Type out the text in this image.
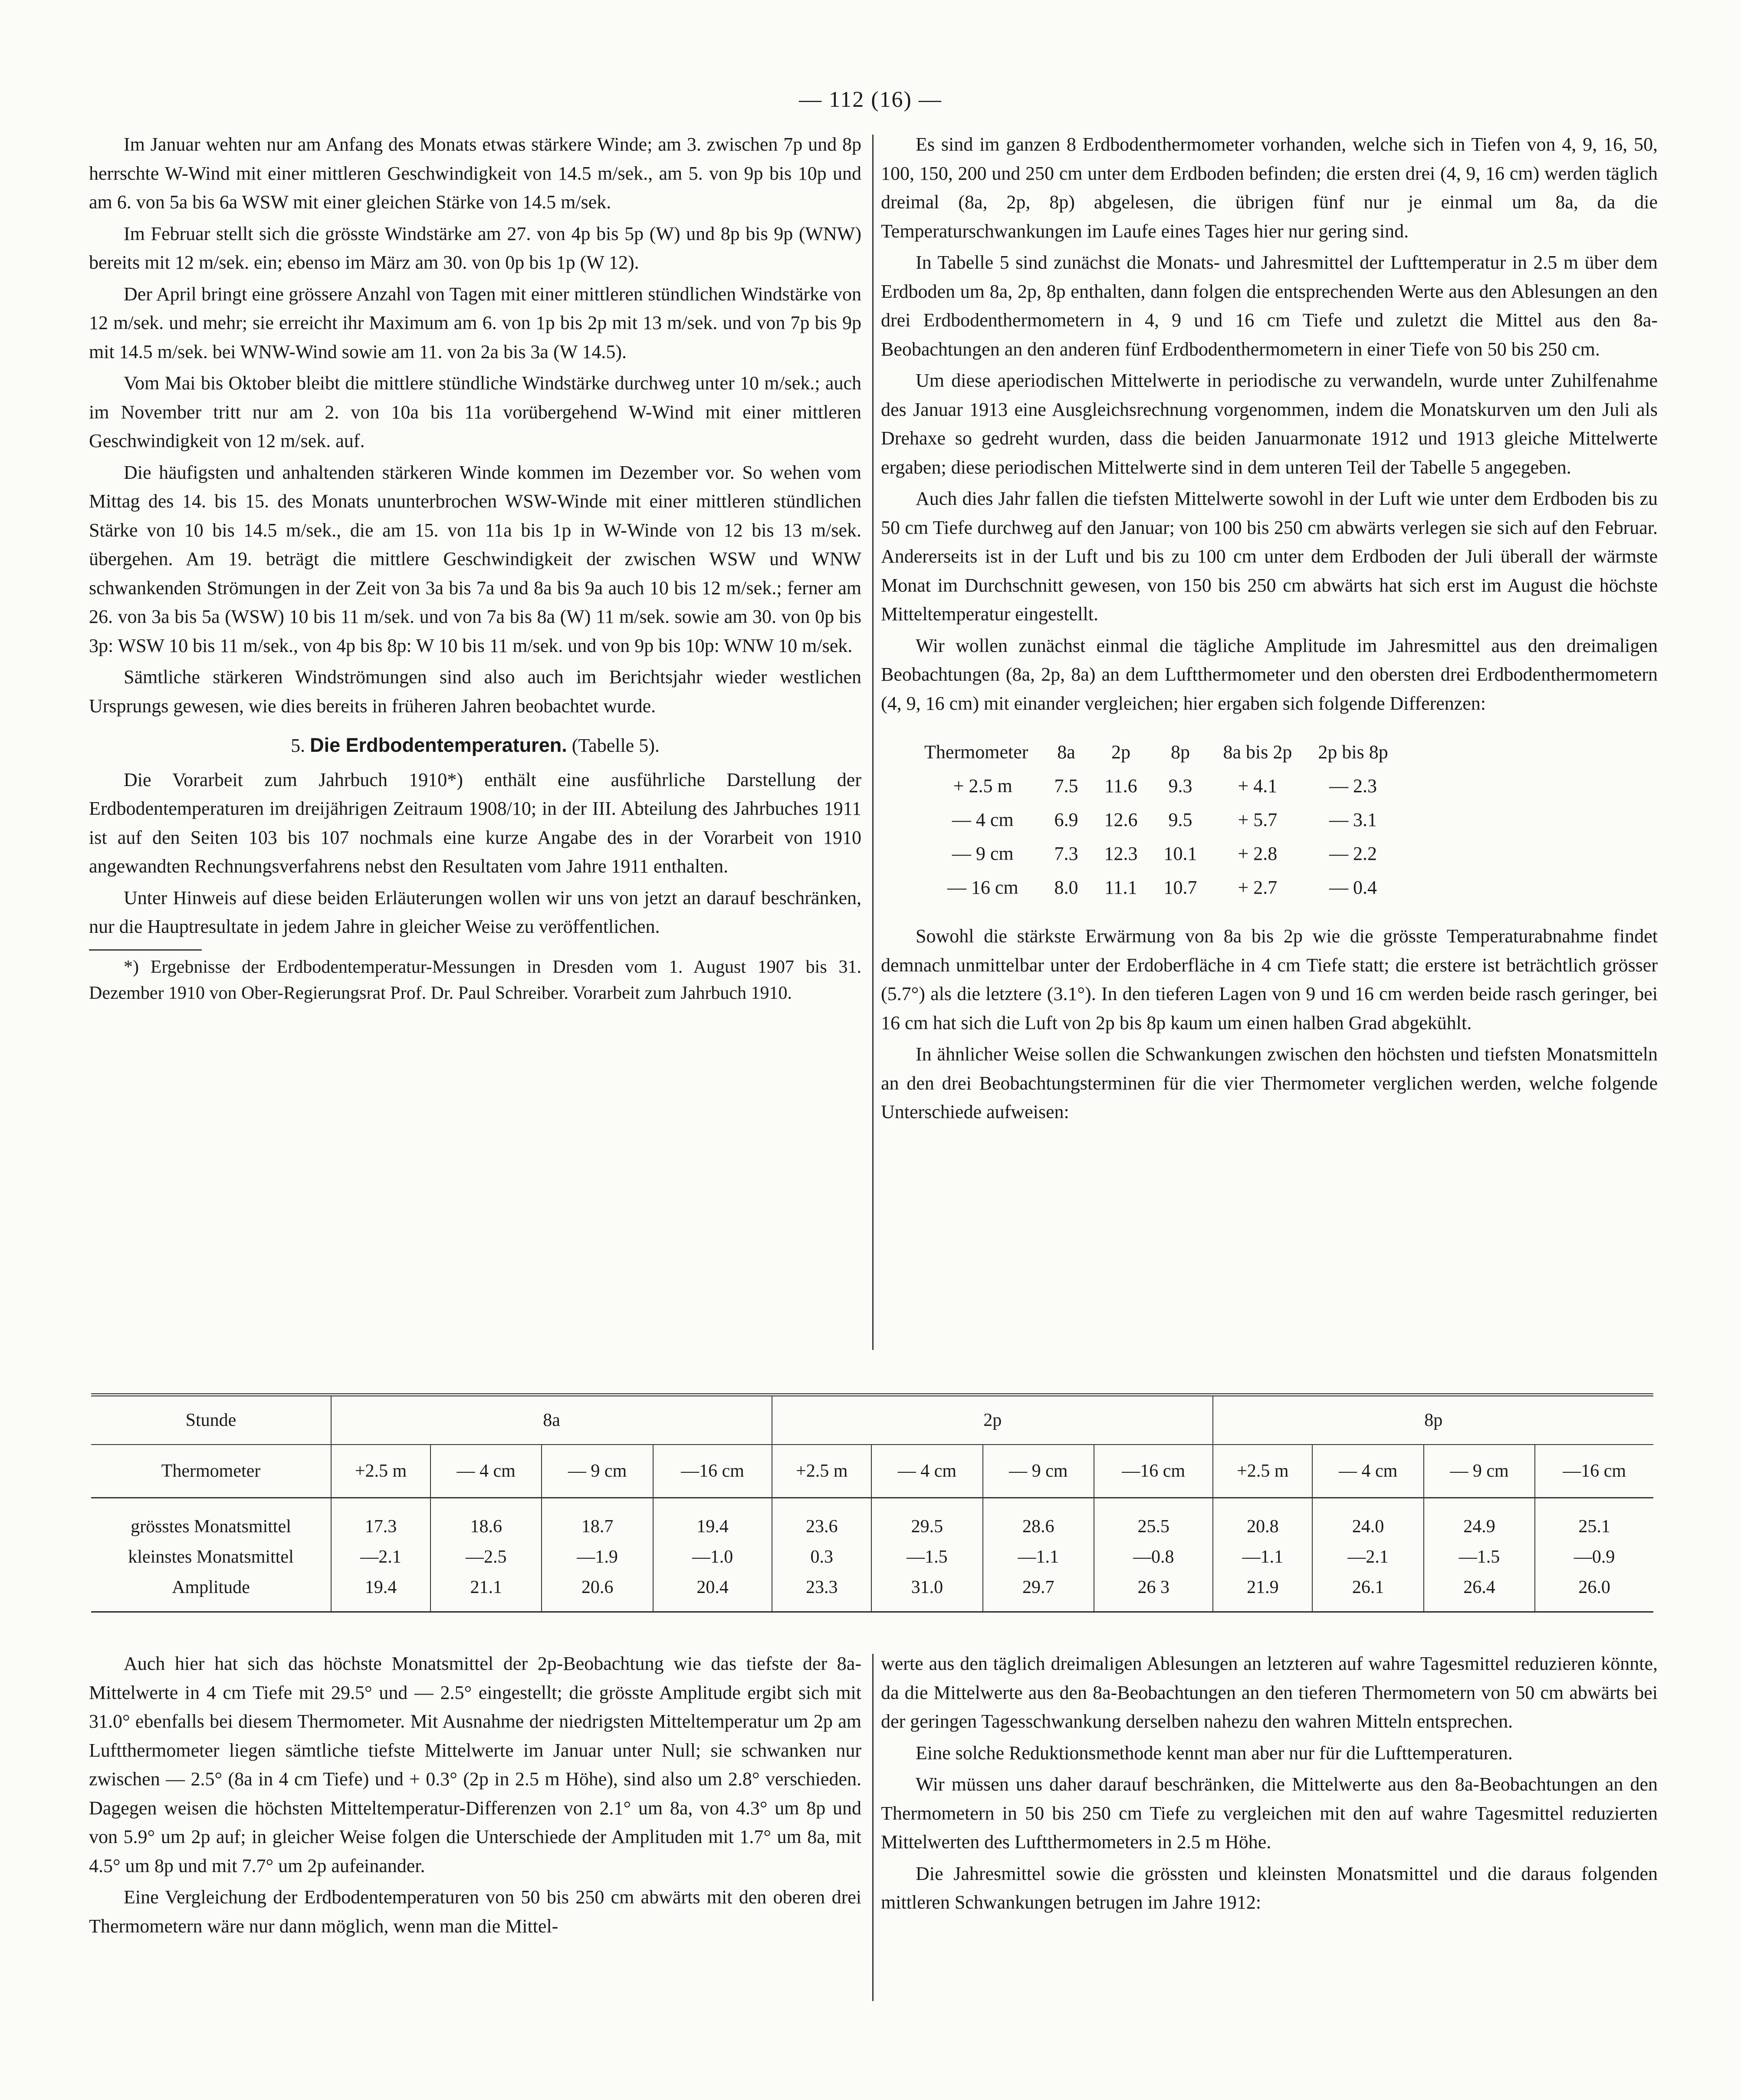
— 112 (16) —

Im Januar wehten nur am Anfang des Monats etwas stärkere Winde; am 3. zwischen 7p und 8p herrschte W-Wind mit einer mittleren Geschwindigkeit von 14.5 m/sek., am 5. von 9p bis 10p und am 6. von 5a bis 6a WSW mit einer gleichen Stärke von 14.5 m/sek.

Im Februar stellt sich die grösste Windstärke am 27. von 4p bis 5p (W) und 8p bis 9p (WNW) bereits mit 12 m/sek. ein; ebenso im März am 30. von 0p bis 1p (W 12).

Der April bringt eine grössere Anzahl von Tagen mit einer mittleren stündlichen Windstärke von 12 m/sek. und mehr; sie erreicht ihr Maximum am 6. von 1p bis 2p mit 13 m/sek. und von 7p bis 9p mit 14.5 m/sek. bei WNW-Wind sowie am 11. von 2a bis 3a (W 14.5).

Vom Mai bis Oktober bleibt die mittlere stündliche Windstärke durchweg unter 10 m/sek.; auch im November tritt nur am 2. von 10a bis 11a vorübergehend W-Wind mit einer mittleren Geschwindigkeit von 12 m/sek. auf.

Die häufigsten und anhaltenden stärkeren Winde kommen im Dezember vor. So wehen vom Mittag des 14. bis 15. des Monats ununterbrochen WSW-Winde mit einer mittleren stündlichen Stärke von 10 bis 14.5 m/sek., die am 15. von 11a bis 1p in W-Winde von 12 bis 13 m/sek. übergehen. Am 19. beträgt die mittlere Geschwindigkeit der zwischen WSW und WNW schwankenden Strömungen in der Zeit von 3a bis 7a und 8a bis 9a auch 10 bis 12 m/sek.; ferner am 26. von 3a bis 5a (WSW) 10 bis 11 m/sek. und von 7a bis 8a (W) 11 m/sek. sowie am 30. von 0p bis 3p: WSW 10 bis 11 m/sek., von 4p bis 8p: W 10 bis 11 m/sek. und von 9p bis 10p: WNW 10 m/sek.

Sämtliche stärkeren Windströmungen sind also auch im Berichtsjahr wieder westlichen Ursprungs gewesen, wie dies bereits in früheren Jahren beobachtet wurde.

5. Die Erdbodentemperaturen. (Tabelle 5).

Die Vorarbeit zum Jahrbuch 1910*) enthält eine ausführliche Darstellung der Erdbodentemperaturen im dreijährigen Zeitraum 1908/10; in der III. Abteilung des Jahrbuches 1911 ist auf den Seiten 103 bis 107 nochmals eine kurze Angabe des in der Vorarbeit von 1910 angewandten Rechnungsverfahrens nebst den Resultaten vom Jahre 1911 enthalten.

Unter Hinweis auf diese beiden Erläuterungen wollen wir uns von jetzt an darauf beschränken, nur die Hauptresultate in jedem Jahre in gleicher Weise zu veröffentlichen.

*) Ergebnisse der Erdbodentemperatur-Messungen in Dresden vom 1. August 1907 bis 31. Dezember 1910 von Ober-Regierungsrat Prof. Dr. Paul Schreiber. Vorarbeit zum Jahrbuch 1910.

Es sind im ganzen 8 Erdbodenthermometer vorhanden, welche sich in Tiefen von 4, 9, 16, 50, 100, 150, 200 und 250 cm unter dem Erdboden befinden; die ersten drei (4, 9, 16 cm) werden täglich dreimal (8a, 2p, 8p) abgelesen, die übrigen fünf nur je einmal um 8a, da die Temperaturschwankungen im Laufe eines Tages hier nur gering sind.

In Tabelle 5 sind zunächst die Monats- und Jahresmittel der Lufttemperatur in 2.5 m über dem Erdboden um 8a, 2p, 8p enthalten, dann folgen die entsprechenden Werte aus den Ablesungen an den drei Erdbodenthermometern in 4, 9 und 16 cm Tiefe und zuletzt die Mittel aus den 8a-Beobachtungen an den anderen fünf Erdbodenthermometern in einer Tiefe von 50 bis 250 cm.

Um diese aperiodischen Mittelwerte in periodische zu verwandeln, wurde unter Zuhilfenahme des Januar 1913 eine Ausgleichsrechnung vorgenommen, indem die Monatskurven um den Juli als Drehaxe so gedreht wurden, dass die beiden Januarmonate 1912 und 1913 gleiche Mittelwerte ergaben; diese periodischen Mittelwerte sind in dem unteren Teil der Tabelle 5 angegeben.

Auch dies Jahr fallen die tiefsten Mittelwerte sowohl in der Luft wie unter dem Erdboden bis zu 50 cm Tiefe durchweg auf den Januar; von 100 bis 250 cm abwärts verlegen sie sich auf den Februar. Andererseits ist in der Luft und bis zu 100 cm unter dem Erdboden der Juli überall der wärmste Monat im Durchschnitt gewesen, von 150 bis 250 cm abwärts hat sich erst im August die höchste Mitteltemperatur eingestellt.

Wir wollen zunächst einmal die tägliche Amplitude im Jahresmittel aus den dreimaligen Beobachtungen (8a, 2p, 8a) an dem Luftthermometer und den obersten drei Erdbodenthermometern (4, 9, 16 cm) mit einander vergleichen; hier ergaben sich folgende Differenzen:

Thermometer	8a	2p	8p	8a bis 2p	2p bis 8p
+ 2.5 m	7.5	11.6	9.3	+ 4.1	— 2.3
— 4 cm	6.9	12.6	9.5	+ 5.7	— 3.1
— 9 cm	7.3	12.3	10.1	+ 2.8	— 2.2
— 16 cm	8.0	11.1	10.7	+ 2.7	— 0.4

Sowohl die stärkste Erwärmung von 8a bis 2p wie die grösste Temperaturabnahme findet demnach unmittelbar unter der Erdoberfläche in 4 cm Tiefe statt; die erstere ist beträchtlich grösser (5.7°) als die letztere (3.1°). In den tieferen Lagen von 9 und 16 cm werden beide rasch geringer, bei 16 cm hat sich die Luft von 2p bis 8p kaum um einen halben Grad abgekühlt.

In ähnlicher Weise sollen die Schwankungen zwischen den höchsten und tiefsten Monatsmitteln an den drei Beobachtungsterminen für die vier Thermometer verglichen werden, welche folgende Unterschiede aufweisen:

Stunde	8a				2p				8p			
Thermometer	+2.5 m	— 4 cm	— 9 cm	—16 cm	+2.5 m	— 4 cm	— 9 cm	—16 cm	+2.5 m	— 4 cm	— 9 cm	—16 cm
grösstes Monatsmittel	17.3	18.6	18.7	19.4	23.6	29.5	28.6	25.5	20.8	24.0	24.9	25.1
kleinstes Monatsmittel	—2.1	—2.5	—1.9	—1.0	0.3	—1.5	—1.1	—0.8	—1.1	—2.1	—1.5	—0.9
Amplitude	19.4	21.1	20.6	20.4	23.3	31.0	29.7	26 3	21.9	26.1	26.4	26.0

Auch hier hat sich das höchste Monatsmittel der 2p-Beobachtung wie das tiefste der 8a-Mittelwerte in 4 cm Tiefe mit 29.5° und — 2.5° eingestellt; die grösste Amplitude ergibt sich mit 31.0° ebenfalls bei diesem Thermometer. Mit Ausnahme der niedrigsten Mitteltemperatur um 2p am Luftthermometer liegen sämtliche tiefste Mittelwerte im Januar unter Null; sie schwanken nur zwischen — 2.5° (8a in 4 cm Tiefe) und + 0.3° (2p in 2.5 m Höhe), sind also um 2.8° verschieden. Dagegen weisen die höchsten Mitteltemperatur-Differenzen von 2.1° um 8a, von 4.3° um 8p und von 5.9° um 2p auf; in gleicher Weise folgen die Unterschiede der Amplituden mit 1.7° um 8a, mit 4.5° um 8p und mit 7.7° um 2p aufeinander.

Eine Vergleichung der Erdbodentemperaturen von 50 bis 250 cm abwärts mit den oberen drei Thermometern wäre nur dann möglich, wenn man die Mittel-

werte aus den täglich dreimaligen Ablesungen an letzteren auf wahre Tagesmittel reduzieren könnte, da die Mittelwerte aus den 8a-Beobachtungen an den tieferen Thermometern von 50 cm abwärts bei der geringen Tagesschwankung derselben nahezu den wahren Mitteln entsprechen.

Eine solche Reduktionsmethode kennt man aber nur für die Lufttemperaturen.

Wir müssen uns daher darauf beschränken, die Mittelwerte aus den 8a-Beobachtungen an den Thermometern in 50 bis 250 cm Tiefe zu vergleichen mit den auf wahre Tagesmittel reduzierten Mittelwerten des Luftthermometers in 2.5 m Höhe.

Die Jahresmittel sowie die grössten und kleinsten Monatsmittel und die daraus folgenden mittleren Schwankungen betrugen im Jahre 1912:
